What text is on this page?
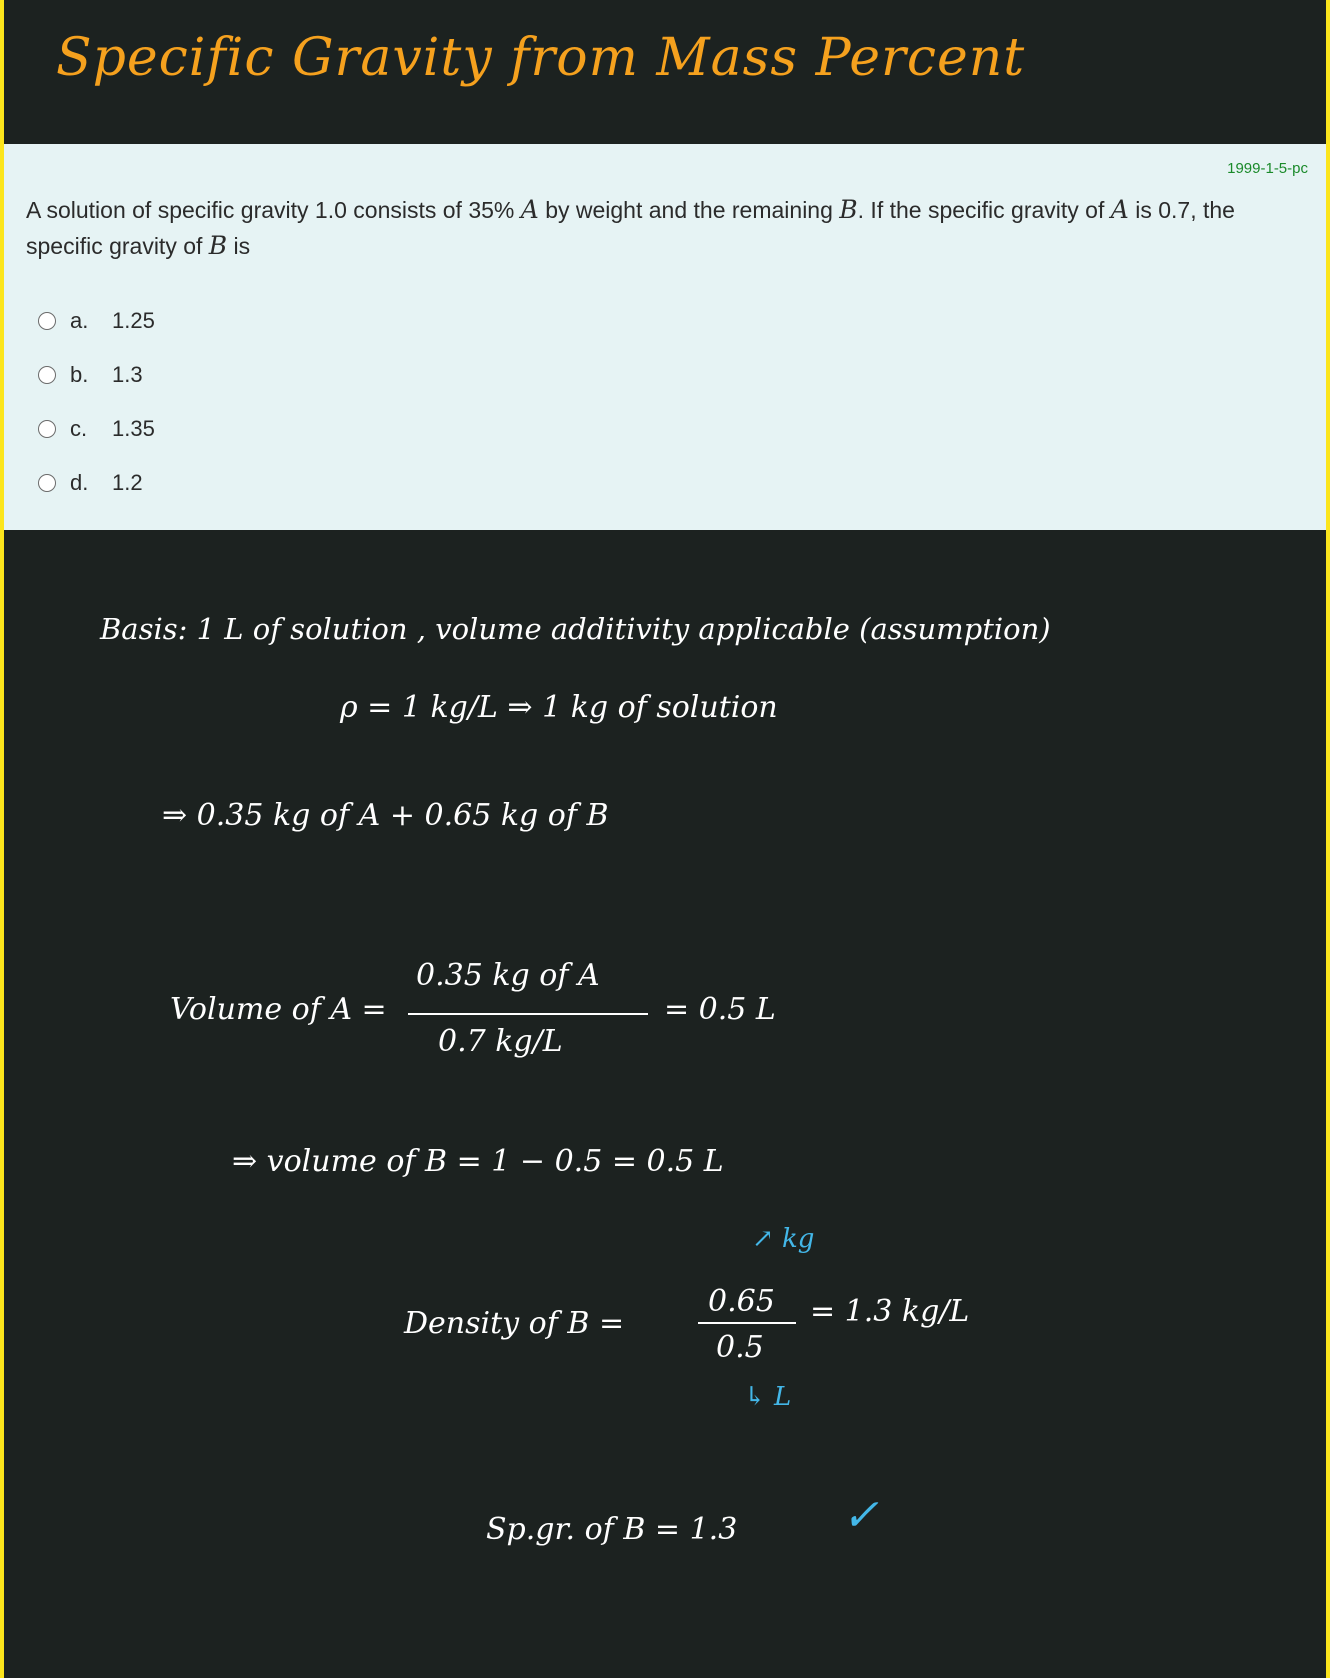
Specific Gravity from Mass Percent
1999-1-5-pc
A solution of specific gravity 1.0 consists of 35% A by weight and the remaining B. If the specific gravity of A is 0.7, the specific gravity of B is
a.	1.25
b.	1.3
c.	1.35
d.	1.2
Basis: 1 L of solution , volume additivity applicable (assumption)
ρ = 1 kg/L ⇒ 1 kg of solution
⇒ 0.35 kg of A + 0.65 kg of B
Volume of A =
0.35 kg of A
0.7 kg/L
= 0.5 L
⇒ volume of B = 1 − 0.5 = 0.5 L
↗ kg
Density of B =
0.65
0.5
= 1.3 kg/L
↳ L
Sp.gr. of B = 1.3 ✓
